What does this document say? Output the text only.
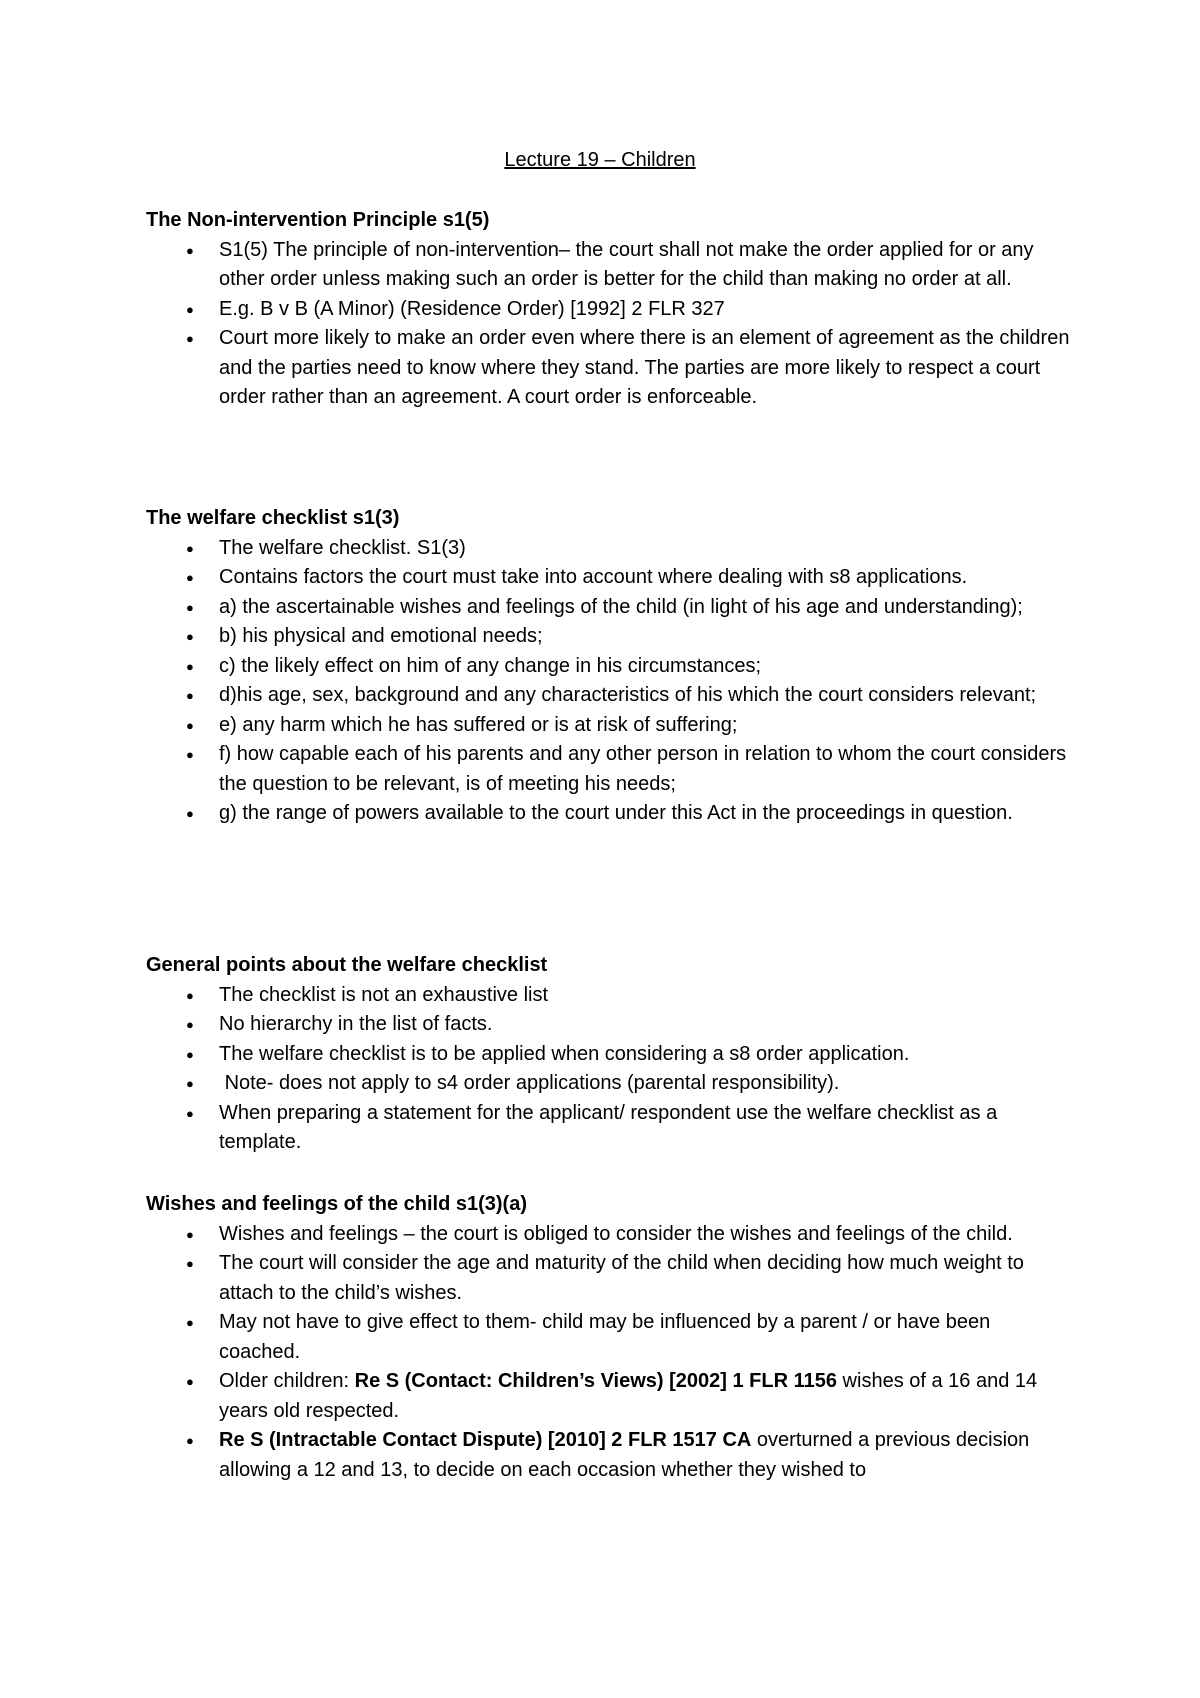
Lecture 19 – Children

The Non-intervention Principle s1(5)

● S1(5) The principle of non-intervention– the court shall not make the order applied for or any other order unless making such an order is better for the child than making no order at all.
● E.g. B v B (A Minor) (Residence Order) [1992] 2 FLR 327
● Court more likely to make an order even where there is an element of agreement as the children and the parties need to know where they stand. The parties are more likely to respect a court order rather than an agreement. A court order is enforceable.

The welfare checklist s1(3)

● The welfare checklist. S1(3)
● Contains factors the court must take into account where dealing with s8 applications.
● a) the ascertainable wishes and feelings of the child (in light of his age and understanding);
● b) his physical and emotional needs;
● c) the likely effect on him of any change in his circumstances;
● d)his age, sex, background and any characteristics of his which the court considers relevant;
● e) any harm which he has suffered or is at risk of suffering;
● f) how capable each of his parents and any other person in relation to whom the court considers the question to be relevant, is of meeting his needs;
● g) the range of powers available to the court under this Act in the proceedings in question.

General points about the welfare checklist

● The checklist is not an exhaustive list
● No hierarchy in the list of facts.
● The welfare checklist is to be applied when considering a s8 order application.
●  Note- does not apply to s4 order applications (parental responsibility).
● When preparing a statement for the applicant/ respondent use the welfare checklist as a template.

Wishes and feelings of the child s1(3)(a)

● Wishes and feelings – the court is obliged to consider the wishes and feelings of the child.
● The court will consider the age and maturity of the child when deciding how much weight to attach to the child’s wishes.
● May not have to give effect to them- child may be influenced by a parent / or have been coached.
● Older children: Re S (Contact: Children’s Views) [2002] 1 FLR 1156 wishes of a 16 and 14 years old respected.
● Re S (Intractable Contact Dispute) [2010] 2 FLR 1517 CA overturned a previous decision allowing a 12 and 13, to decide on each occasion whether they wished to
